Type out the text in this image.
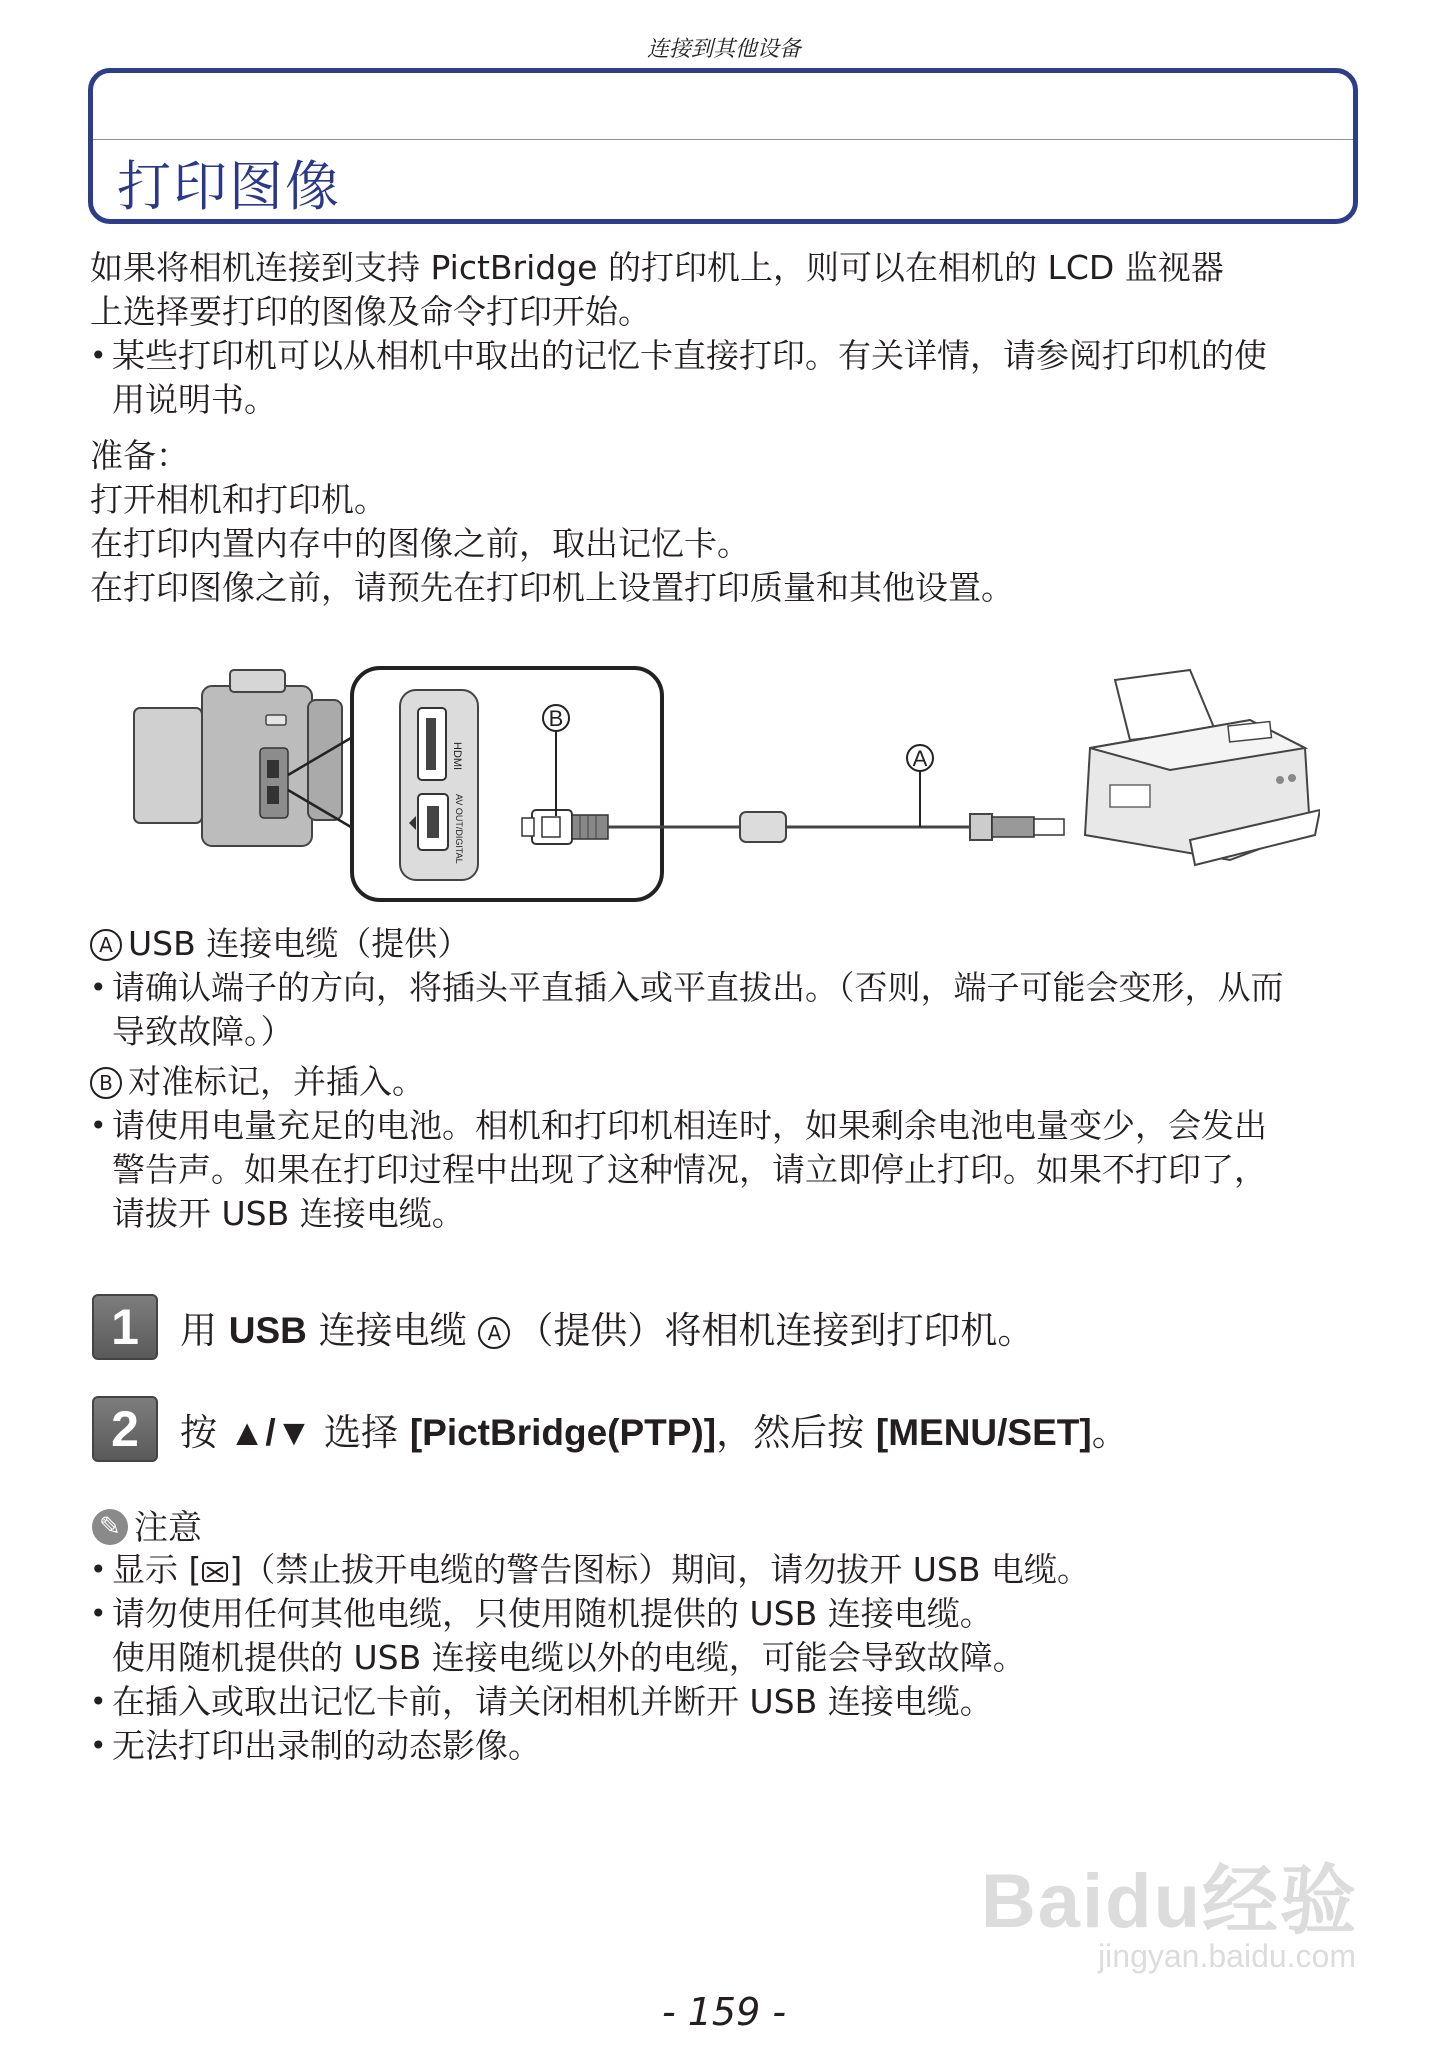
连接到其他设备
打印图像
如果将相机连接到支持 PictBridge 的打印机上，则可以在相机的 LCD 监视器
上选择要打印的图像及命令打印开始。
• 某些打印机可以从相机中取出的记忆卡直接打印。有关详情，请参阅打印机的使
用说明书。
准备：
打开相机和打印机。
在打印内置内存中的图像之前，取出记忆卡。
在打印图像之前，请预先在打印机上设置打印质量和其他设置。
HDMI
AV OUT/DIGITAL
B
A
A USB 连接电缆（提供）
• 请确认端子的方向，将插头平直插入或平直拔出。（否则，端子可能会变形，从而
导致故障。）
B 对准标记，并插入。
• 请使用电量充足的电池。相机和打印机相连时，如果剩余电池电量变少，会发出
警告声。如果在打印过程中出现了这种情况，请立即停止打印。如果不打印了，
请拔开 USB 连接电缆。
1	用 USB 连接电缆 A （提供）将相机连接到打印机。
2	按 ▲/▼ 选择 [PictBridge(PTP)]，然后按 [MENU/SET]。
✎注意
• 显示 [ ]（禁止拔开电缆的警告图标）期间，请勿拔开 USB 电缆。
• 请勿使用任何其他电缆，只使用随机提供的 USB 连接电缆。
使用随机提供的 USB 连接电缆以外的电缆，可能会导致故障。
• 在插入或取出记忆卡前，请关闭相机并断开 USB 连接电缆。
• 无法打印出录制的动态影像。
Baidu经验
jingyan.baidu.com
- 159 -
